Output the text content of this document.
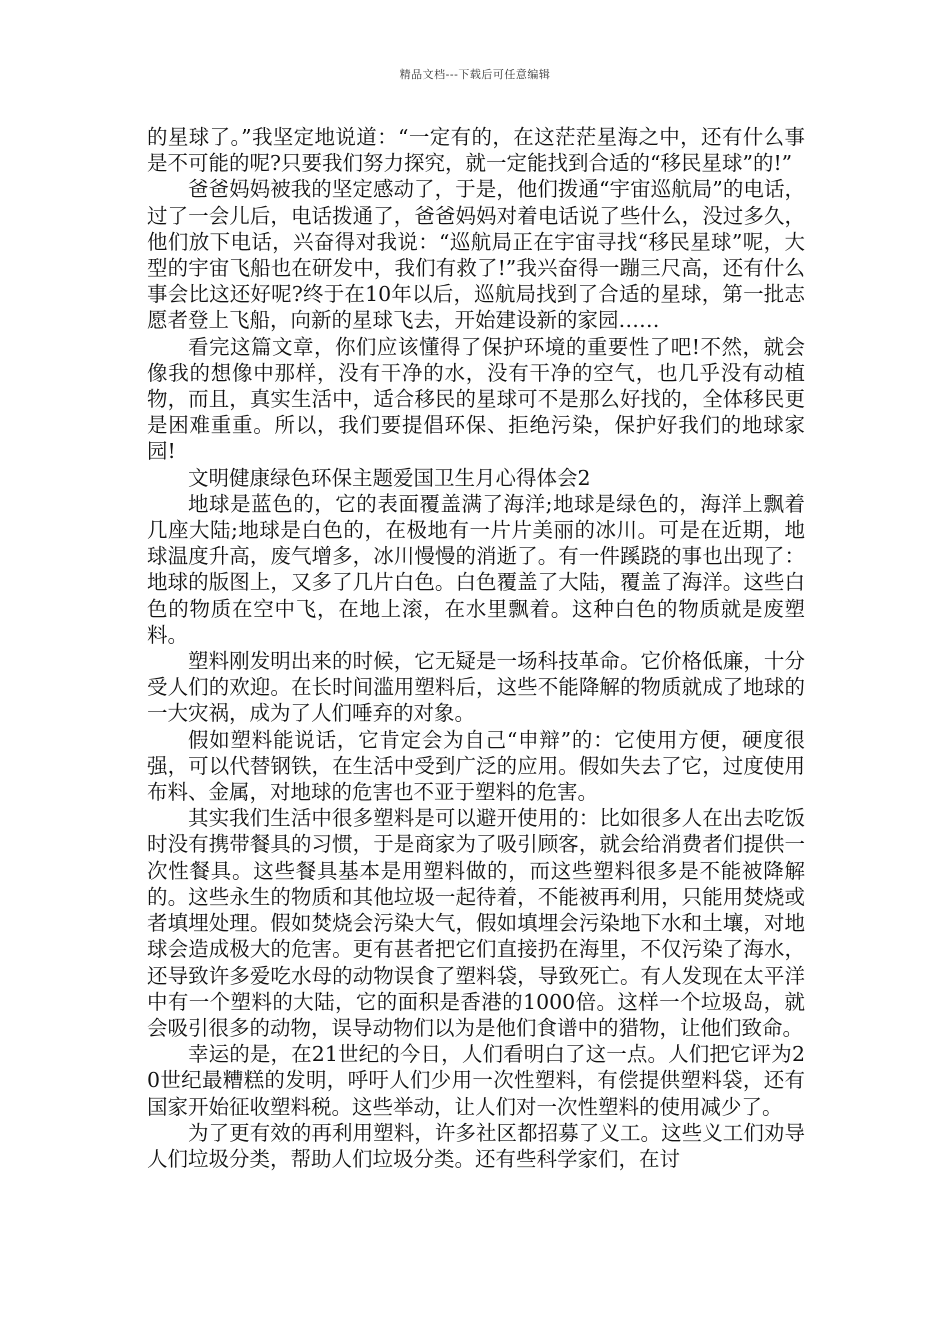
精品文档---下载后可任意编辑

的星球了。”我坚定地说道：“一定有的，在这茫茫星海之中，还有什么事是不可能的呢?只要我们努力探究，就一定能找到合适的“移民星球”的!”

爸爸妈妈被我的坚定感动了，于是，他们拨通“宇宙巡航局”的电话，过了一会儿后，电话拨通了，爸爸妈妈对着电话说了些什么，没过多久，他们放下电话，兴奋得对我说：“巡航局正在宇宙寻找“移民星球”呢，大型的宇宙飞船也在研发中，我们有救了!”我兴奋得一蹦三尺高，还有什么事会比这还好呢?终于在10年以后，巡航局找到了合适的星球，第一批志愿者登上飞船，向新的星球飞去，开始建设新的家园……

看完这篇文章，你们应该懂得了保护环境的重要性了吧!不然，就会像我的想像中那样，没有干净的水，没有干净的空气，也几乎没有动植物，而且，真实生活中，适合移民的星球可不是那么好找的，全体移民更是困难重重。所以，我们要提倡环保、拒绝污染，保护好我们的地球家园!

文明健康绿色环保主题爱国卫生月心得体会2

地球是蓝色的，它的表面覆盖满了海洋;地球是绿色的，海洋上飘着几座大陆;地球是白色的，在极地有一片片美丽的冰川。可是在近期，地球温度升高，废气增多，冰川慢慢的消逝了。有一件蹊跷的事也出现了：地球的版图上，又多了几片白色。白色覆盖了大陆，覆盖了海洋。这些白色的物质在空中飞，在地上滚，在水里飘着。这种白色的物质就是废塑料。

塑料刚发明出来的时候，它无疑是一场科技革命。它价格低廉，十分受人们的欢迎。在长时间滥用塑料后，这些不能降解的物质就成了地球的一大灾祸，成为了人们唾弃的对象。

假如塑料能说话，它肯定会为自己“申辩”的：它使用方便，硬度很强，可以代替钢铁，在生活中受到广泛的应用。假如失去了它，过度使用布料、金属，对地球的危害也不亚于塑料的危害。

其实我们生活中很多塑料是可以避开使用的：比如很多人在出去吃饭时没有携带餐具的习惯，于是商家为了吸引顾客，就会给消费者们提供一次性餐具。这些餐具基本是用塑料做的，而这些塑料很多是不能被降解的。这些永生的物质和其他垃圾一起待着，不能被再利用，只能用焚烧或者填埋处理。假如焚烧会污染大气，假如填埋会污染地下水和土壤，对地球会造成极大的危害。更有甚者把它们直接扔在海里，不仅污染了海水，还导致许多爱吃水母的动物误食了塑料袋，导致死亡。有人发现在太平洋中有一个塑料的大陆，它的面积是香港的1000倍。这样一个垃圾岛，就会吸引很多的动物，误导动物们以为是他们食谱中的猎物，让他们致命。

幸运的是，在21世纪的今日，人们看明白了这一点。人们把它评为20世纪最糟糕的发明，呼吁人们少用一次性塑料，有偿提供塑料袋，还有国家开始征收塑料税。这些举动，让人们对一次性塑料的使用减少了。

为了更有效的再利用塑料，许多社区都招募了义工。这些义工们劝导人们垃圾分类，帮助人们垃圾分类。还有些科学家们，在讨
